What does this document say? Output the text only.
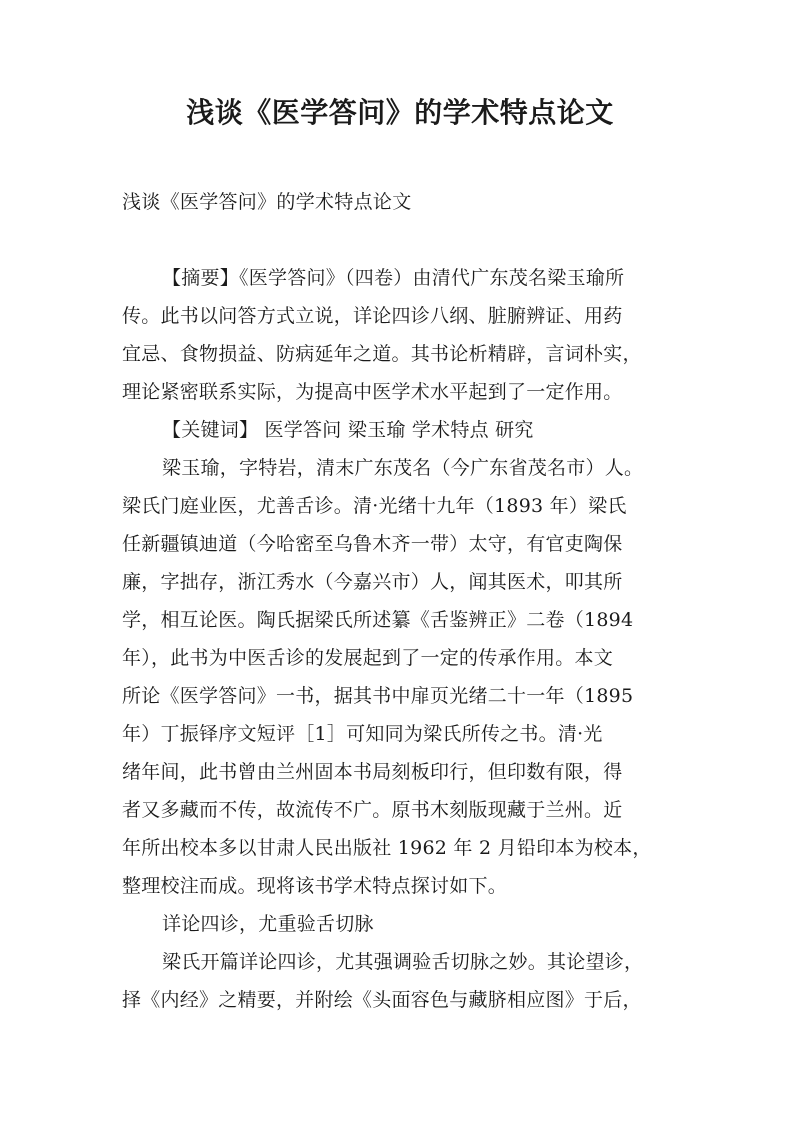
浅谈《医学答问》的学术特点论文

浅谈《医学答问》的学术特点论文

【摘要】《医学答问》（四卷）由清代广东茂名梁玉瑜所

传。此书以问答方式立说，详论四诊八纲、脏腑辨证、用药

宜忌、食物损益、防病延年之道。其书论析精辟，言词朴实，

理论紧密联系实际，为提高中医学术水平起到了一定作用。

【关键词】 医学答问 梁玉瑜 学术特点 研究

梁玉瑜，字特岩，清末广东茂名（今广东省茂名市）人。

梁氏门庭业医，尤善舌诊。清·光绪十九年（1893 年）梁氏

任新疆镇迪道（今哈密至乌鲁木齐一带）太守，有官吏陶保

廉，字拙存，浙江秀水（今嘉兴市）人，闻其医术，叩其所

学，相互论医。陶氏据梁氏所述纂《舌鉴辨正》二卷（1894

年），此书为中医舌诊的发展起到了一定的传承作用。本文

所论《医学答问》一书，据其书中扉页光绪二十一年（1895

年）丁振铎序文短评［1］可知同为梁氏所传之书。清·光

绪年间，此书曾由兰州固本书局刻板印行，但印数有限，得

者又多藏而不传，故流传不广。原书木刻版现藏于兰州。近

年所出校本多以甘肃人民出版社 1962 年 2 月铅印本为校本，

整理校注而成。现将该书学术特点探讨如下。

详论四诊，尤重验舌切脉

梁氏开篇详论四诊，尤其强调验舌切脉之妙。其论望诊，

择《内经》之精要，并附绘《头面容色与藏脐相应图》于后，
